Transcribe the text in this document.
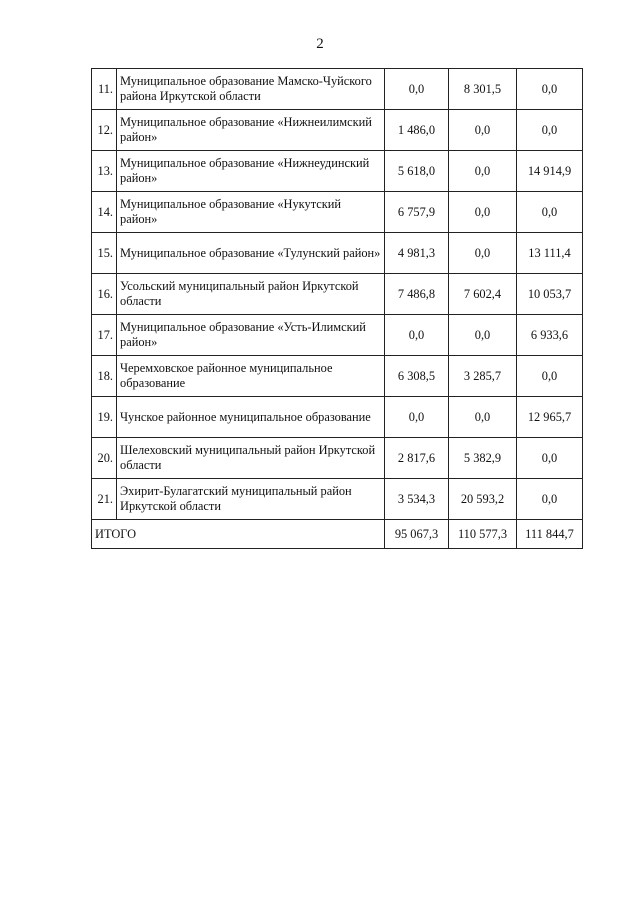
2
11.	Муниципальное образование Мамско-Чуйского района Иркутской области	0,0	8 301,5	0,0
12.	Муниципальное образование «Нижнеилимский район»	1 486,0	0,0	0,0
13.	Муниципальное образование «Нижнеудинский район»	5 618,0	0,0	14 914,9
14.	Муниципальное образование «Нукутский район»	6 757,9	0,0	0,0
15.	Муниципальное образование «Тулунский район»	4 981,3	0,0	13 111,4
16.	Усольский муниципальный район Иркутской области	7 486,8	7 602,4	10 053,7
17.	Муниципальное образование «Усть-Илимский район»	0,0	0,0	6 933,6
18.	Черемховское районное муниципальное образование	6 308,5	3 285,7	0,0
19.	Чунское районное муниципальное образование	0,0	0,0	12 965,7
20.	Шелеховский муниципальный район Иркутской области	2 817,6	5 382,9	0,0
21.	Эхирит-Булагатский муниципальный район Иркутской области	3 534,3	20 593,2	0,0
ИТОГО		95 067,3	110 577,3	111 844,7
